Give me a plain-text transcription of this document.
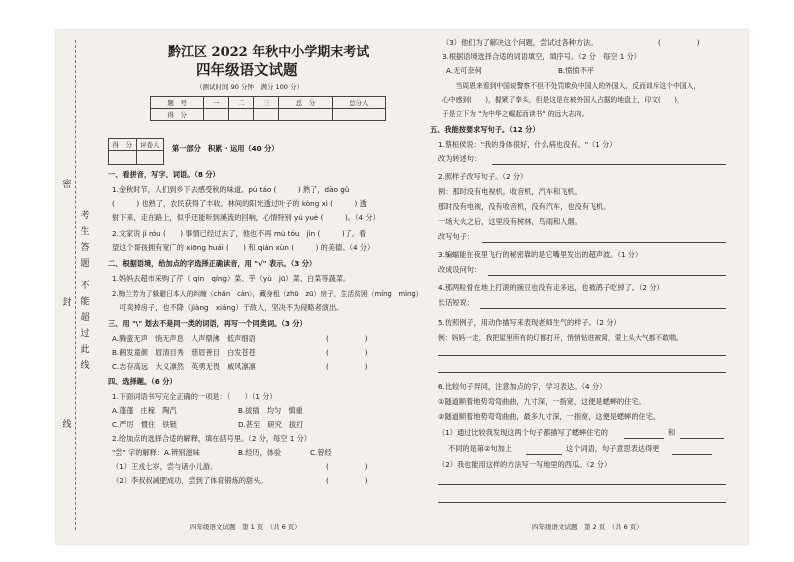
密
封
线
考
生
答
题
不
能
超
过
此
线
黔江区 2022 年秋中小学期末考试
四年级语文试题
（测试时间 90 分钟　满分 100 分）
题　号	一	二	三	总　分	总分人
得　分					
得　分	评卷人
	第一部分　积累 · 运用（40 分）
一、看拼音，写字、词语。（8 分）
1.金秋时节，人们到乡下去感受秋的味道。pú táo (　　　) 熟了，dào gǔ
(　　　) 也熟了，农民获得了丰收。林间的阳光透过叶子的 kòng xì (　　　) 透
射下来，走在路上，似乎还能听到溪流的回响，心情特别 yú yuè (　　　)。（4 分）
2.文家说 jì róu (　　) 事情已经过去了，他也不再 mù tóu　jìn (　　　)了。看
望这个哥孩拥有宽广的 xiōng huái (　　) 和 qián xùn (　　　) 的美德。（4 分）
二、根据语境，给加点的字选择正确读音，用 "√" 表示。（3 分）
1.妈妈去超市采购了芹（ qín　qíng）菜、芋（yù　jū）菜、白菜等蔬菜。
2.梅兰芳为了躲避日本人的纠缠（chán　càn），藏身租（zhū　zū）房子，生活贫困（míng　mìng）
　可卖掉房子，也不降（jiàng　xiáng）于敌人，坚决不为侵略者演出。
三、用 "\" 划去不是同一类的词语，再写一个同类词。（3 分）
A.腾蛮无声　悄无声息　人声鼎沸　低声细语	(　　　　　)
B.鹤发童颜　眉清目秀　慈眉善目　白发苍苍	(　　　　　)
C.志存高远　大义凛然　英勇无畏　威风凛凛	(　　　　　)
四、选择题。（6 分）
1.下面词语书写完全正确的一项是：（　　）（1 分）
A.蓬蓬　庄稼　陶汽	B.拔插　均匀　慎重
C.严厉　惯住　铁链	D.甚至　研究　拔打
2.给加点的选择合适的解释，填在括号里。（2 分，每空 1 分）
"尝" 字的解释：A.辨别滋味	B.经历，体验	C.曾经
（1）王戎七岁，尝与诸小儿游。	(　　　　　)
（2）李叔叔减肥成功，尝到了体育锻炼的甜头。	(　　　　　)
四年级语文试题　第 1 页　（共 6 页）
（3）他们为了解决这个问题，尝试过各种方法。	(　　　　　)
3.根据语境选择合适的词语填空，填序号。（2 分　每空 1 分）
A.无可奈何	B.愤愤不平
　　当周恩来看到中国说警察不但不处罚欺负中国人的外国人，反而训斥这个中国人，
心中感到(　　)，握紧了拳头，但是这是在被外国人占据的地盘上，印文(　　)，
于是立下为 "为中华之崛起而读书" 的远大志向。
五、我能按要求写句子。（12 分）
1.蔡桓侯说："我的身体很好，什么病也没有。"（1 分）
改为转述句：
2.照样子改写句子。（2 分）
例：那时没有电视机，收音机，汽车和飞机。
那时没有电视，没有收音机，没有汽车，也没有飞机。
一场大火之后，这里没有树林，鸟雨和人烟。
改写句子：
3.蝙蝠能在夜里飞行的秘密靠的是它嘴里发出的超声波。（1 分）
改成设问句：
4.那两粒骨在地上打滚的豌豆也没有走多远，也被鸽子吃掉了。（2 分）
长话短说：
5.仿照例子，用动作描写来表现老师生气的样子。（2 分）
例：妈妈一走，我把屋里所有的灯都打开，悄悄钻进被窝，蒙上头大气都不敢喘。
6.比较句子异同，注意加点的字，学习表达。（4 分）
①隧道顺着地势弯弯曲曲，九寸深，一指宽，这便是蟋蟀的住宅。
②隧道顺着地势弯弯曲曲，最多九寸深，一指宽，这便是蟋蟀的住宅。
（1）通过比较我发现这两个句子都描写了蟋蟀住宅的	和
不同的是第②句加上	这个词语，句子意思表达得更
（2）我也能用这样的方法写一写地里的西瓜。（2 分）
四年级语文试题　第 2 页　（共 6 页）
